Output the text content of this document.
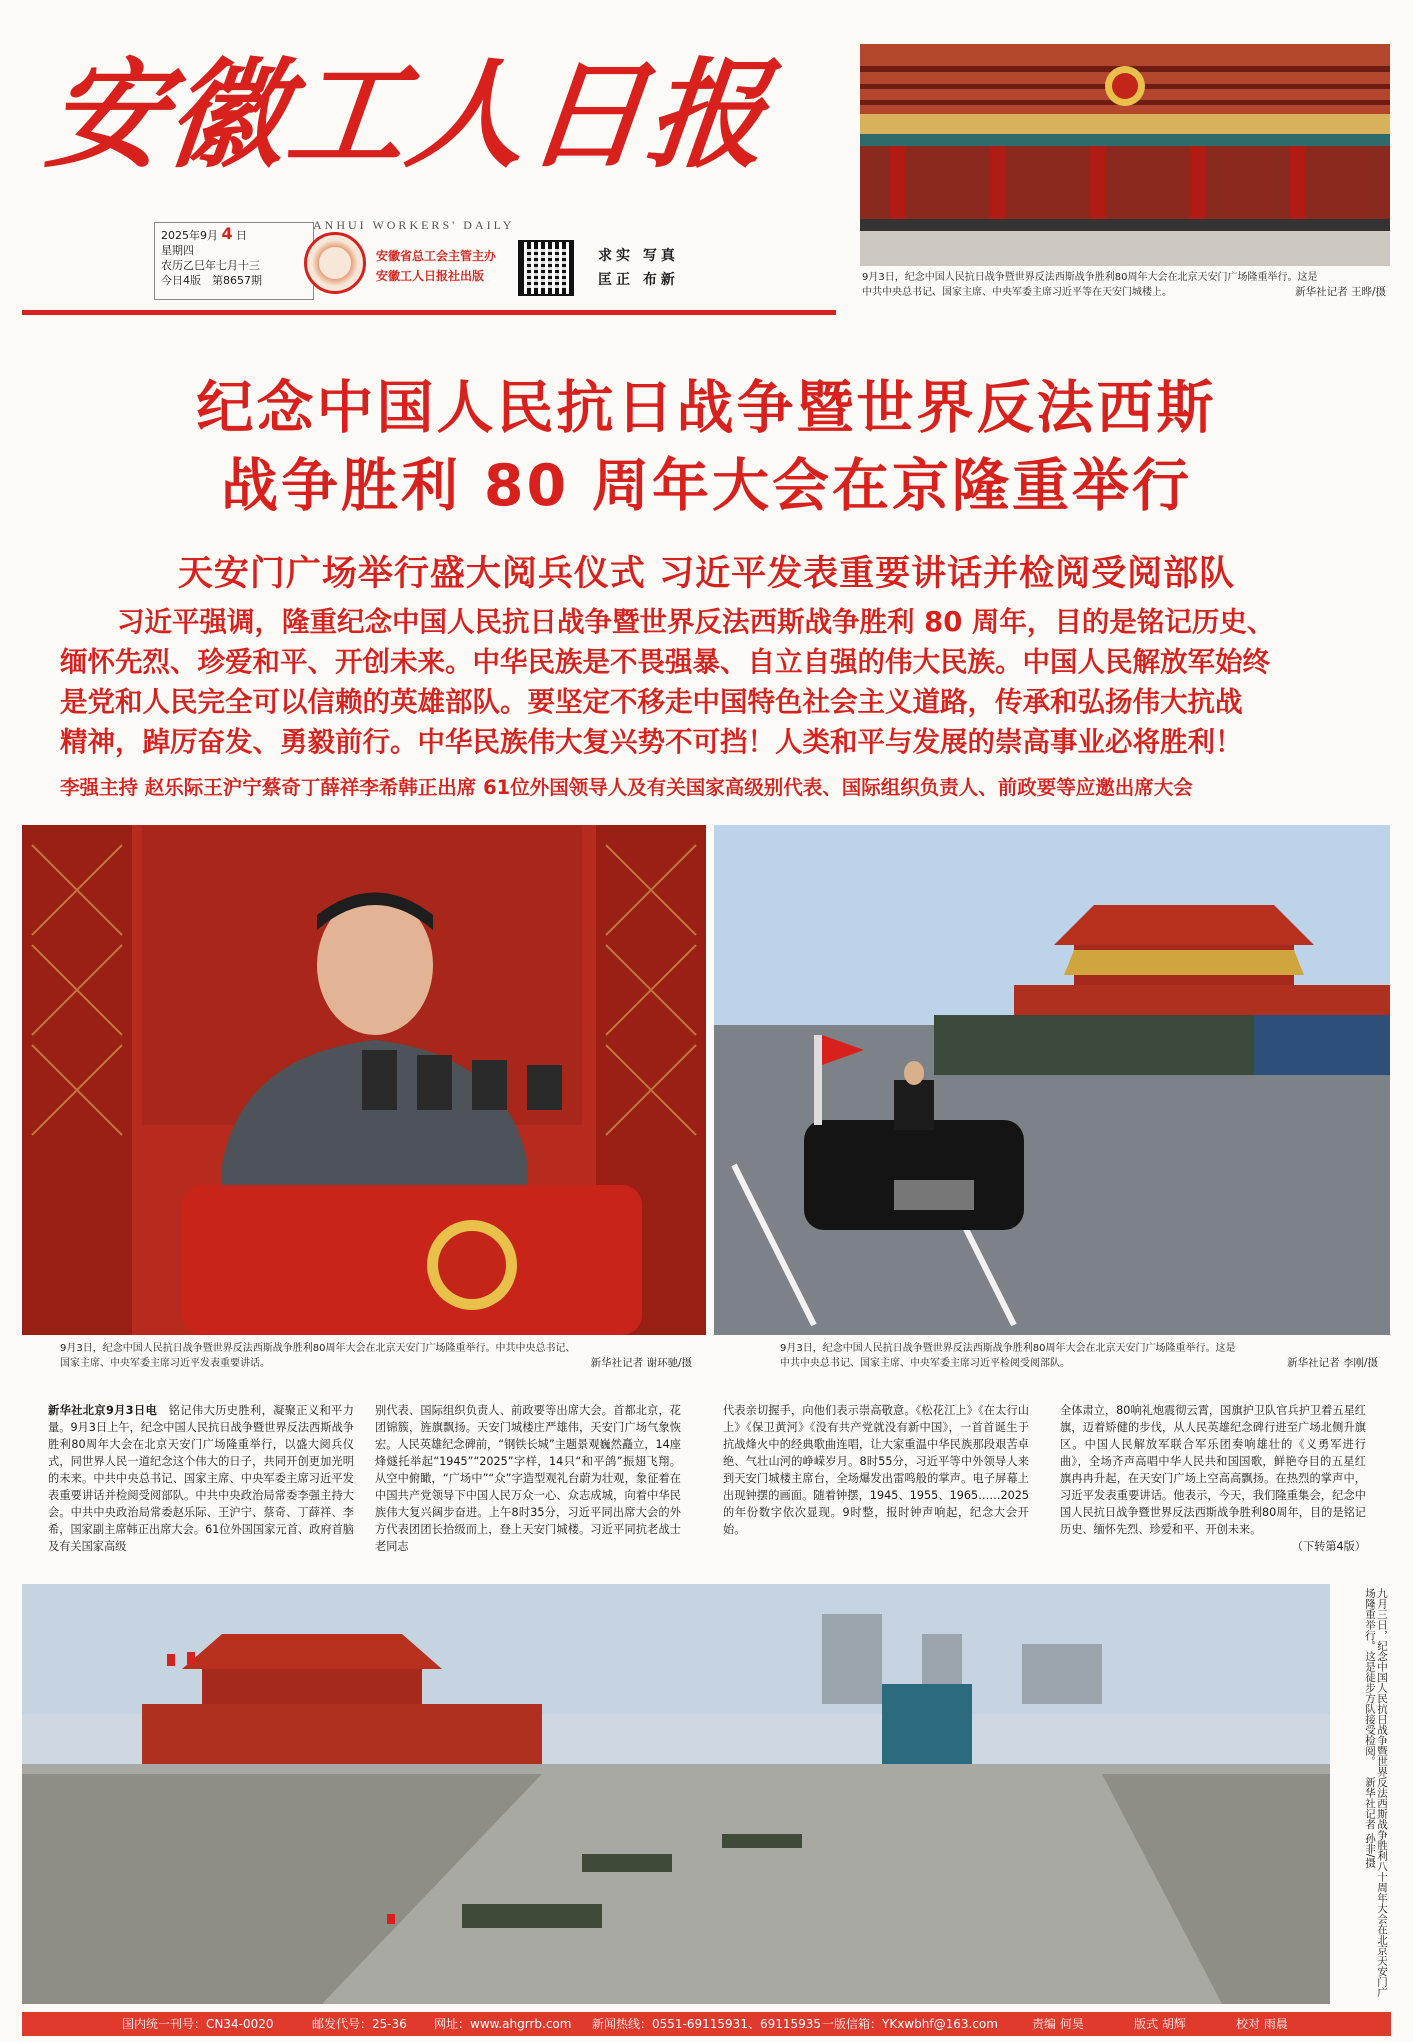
安徽工人日报
ANHUI WORKERS' DAILY
2025年9月 4 日
星期四
农历乙巳年七月十三
今日4版　 第8657期
安徽省总工会主管主办
安徽工人日报社出版
求实 写真
匡正 布新	9月3日，纪念中国人民抗日战争暨世界反法西斯战争胜利80周年大会在北京天安门广场隆重举行。这是
中共中央总书记、国家主席、中央军委主席习近平等在天安门城楼上。	新华社记者 王晔/摄
纪念中国人民抗日战争暨世界反法西斯
战争胜利 80 周年大会在京隆重举行
天安门广场举行盛大阅兵仪式 习近平发表重要讲话并检阅受阅部队
习近平强调，隆重纪念中国人民抗日战争暨世界反法西斯战争胜利 80 周年，目的是铭记历史、
缅怀先烈、珍爱和平、开创未来。中华民族是不畏强暴、自立自强的伟大民族。中国人民解放军始终
是党和人民完全可以信赖的英雄部队。要坚定不移走中国特色社会主义道路，传承和弘扬伟大抗战
精神，踔厉奋发、勇毅前行。中华民族伟大复兴势不可挡！人类和平与发展的崇高事业必将胜利！
李强主持 赵乐际王沪宁蔡奇丁薛祥李希韩正出席 61位外国领导人及有关国家高级别代表、国际组织负责人、前政要等应邀出席大会
9月3日，纪念中国人民抗日战争暨世界反法西斯战争胜利80周年大会在北京天安门广场隆重举行。中共中央总书记、
国家主席、中央军委主席习近平发表重要讲话。	新华社记者 谢环驰/摄
9月3日，纪念中国人民抗日战争暨世界反法西斯战争胜利80周年大会在北京天安门广场隆重举行。这是
中共中央总书记、国家主席、中央军委主席习近平检阅受阅部队。	新华社记者 李刚/摄
新华社北京9月3日电　 铭记伟大历史胜利，凝聚正义和平力量。9月3日上午，纪念中国人民抗日战争暨世界反法西斯战争胜利80周年大会在北京天安门广场隆重举行，以盛大阅兵仪式，同世界人民一道纪念这个伟大的日子，共同开创更加光明的未来。中共中央总书记、国家主席、中央军委主席习近平发表重要讲话并检阅受阅部队。中共中央政治局常委李强主持大会。中共中央政治局常委赵乐际、王沪宁、蔡奇、丁薛祥、李希，国家副主席韩正出席大会。61位外国国家元首、政府首脑及有关国家高级
别代表、国际组织负责人、前政要等出席大会。首都北京，花团锦簇，旌旗飘扬。天安门城楼庄严雄伟，天安门广场气象恢宏。人民英雄纪念碑前，“钢铁长城”主题景观巍然矗立，14座烽燧托举起“1945”“2025”字样，14只“和平鸽”振翅飞翔。从空中俯瞰，“广场中”“众”字造型观礼台蔚为壮观，象征着在中国共产党领导下中国人民万众一心、众志成城，向着中华民族伟大复兴阔步奋进。上午8时35分，习近平同出席大会的外方代表团团长拾级而上，登上天安门城楼。习近平同抗老战士老同志
代表亲切握手，向他们表示崇高敬意。《松花江上》《在太行山上》《保卫黄河》《没有共产党就没有新中国》，一首首诞生于抗战烽火中的经典歌曲连唱，让大家重温中华民族那段艰苦卓绝、气壮山河的峥嵘岁月。8时55分，习近平等中外领导人来到天安门城楼主席台，全场爆发出雷鸣般的掌声。电子屏幕上出现钟摆的画面。随着钟摆，1945、1955、1965……2025的年份数字依次显现。9时整，报时钟声响起，纪念大会开始。
全体肃立，80响礼炮震彻云霄，国旗护卫队官兵护卫着五星红旗，迈着矫健的步伐，从人民英雄纪念碑行进至广场北侧升旗区。中国人民解放军联合军乐团奏响雄壮的《义勇军进行曲》，全场齐声高唱中华人民共和国国歌，鲜艳夺目的五星红旗冉冉升起，在天安门广场上空高高飘扬。在热烈的掌声中，习近平发表重要讲话。他表示，今天，我们隆重集会，纪念中国人民抗日战争暨世界反法西斯战争胜利80周年，目的是铭记历史、缅怀先烈、珍爱和平、开创未来。
（下转第4版）
九月三日，纪念中国人民抗日战争暨世界反法西斯战争胜利八十周年大会在北京天安门广场隆重举行。这是徒步方队接受检阅。新华社记者 孙非/摄
国内统一刊号：CN34-0020	邮发代号：25-36 网址：www.ahgrrb.com 新闻热线：0551-69115931、69115935 一版信箱：YKxwbhf@163.com	责编 何昊	版式 胡辉	校对 雨晨
